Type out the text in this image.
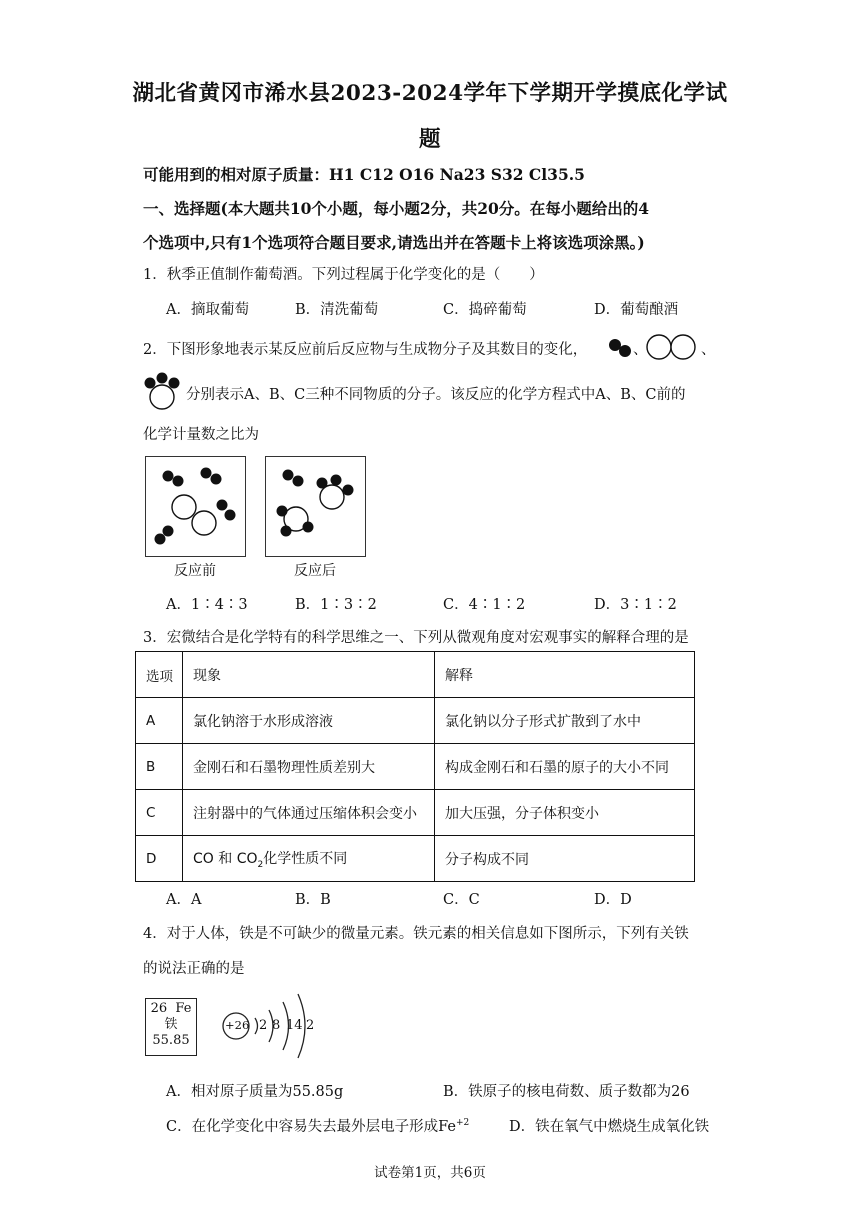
湖北省黄冈市浠水县2023-2024学年下学期开学摸底化学试
题
可能用到的相对原子质量：H1 C12 O16 Na23 S32 Cl35.5
一、选择题(本大题共10个小题，每小题2分，共20分。在每小题给出的4
个选项中,只有1个选项符合题目要求,请选出并在答题卡上将该选项涂黑。)
1．秋季正值制作葡萄酒。下列过程属于化学变化的是（　　）
A．摘取葡萄	B．清洗葡萄	C．捣碎葡萄	D．葡萄酿酒
2．下图形象地表示某反应前后反应物与生成物分子及其数目的变化，	、	、
分别表示A、B、C三种不同物质的分子。该反应的化学方程式中A、B、C前的
化学计量数之比为
反应前	反应后
A．1∶4∶3	B．1∶3∶2	C．4∶1∶2	D．3∶1∶2
3．宏微结合是化学特有的科学思维之一、下列从微观角度对宏观事实的解释合理的是
选项	现象	解释
A	氯化钠溶于水形成溶液	氯化钠以分子形式扩散到了水中
B	金刚石和石墨物理性质差别大	构成金刚石和石墨的原子的大小不同
C	注射器中的气体通过压缩体积会变小	加大压强，分子体积变小
D	CO 和 $CO_2$化学性质不同	分子构成不同
A．A	B．B	C．C	D．D
4．对于人体，铁是不可缺少的微量元素。铁元素的相关信息如下图所示，下列有关铁
的说法正确的是
26 Fe
铁
55.85
+26 2 8 14 2
A．相对原子质量为55.85g	B．铁原子的核电荷数、质子数都为26
C．在化学变化中容易失去最外层电子形成$Fe^{+2}$	D．铁在氧气中燃烧生成氧化铁
试卷第1页，共6页
